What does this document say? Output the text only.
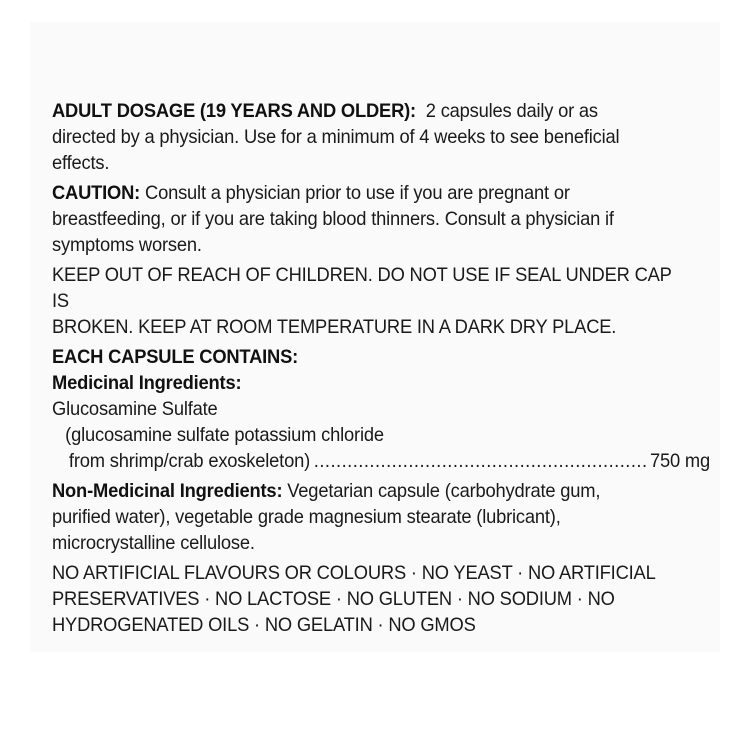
ADULT DOSAGE (19 YEARS AND OLDER): 2 capsules daily or as
directed by a physician. Use for a minimum of 4 weeks to see beneficial
effects.

CAUTION: Consult a physician prior to use if you are pregnant or
breastfeeding, or if you are taking blood thinners. Consult a physician if
symptoms worsen.

KEEP OUT OF REACH OF CHILDREN. DO NOT USE IF SEAL UNDER CAP IS
BROKEN. KEEP AT ROOM TEMPERATURE IN A DARK DRY PLACE.

EACH CAPSULE CONTAINS:
Medicinal Ingredients:
Glucosamine Sulfate
(glucosamine sulfate potassium chloride

from shrimp/crab exoskeleton)
.....	750 mg

Non-Medicinal Ingredients: Vegetarian capsule (carbohydrate gum,
purified water), vegetable grade magnesium stearate (lubricant),
microcrystalline cellulose.

NO ARTIFICIAL FLAVOURS OR COLOURS · NO YEAST · NO ARTIFICIAL
PRESERVATIVES · NO LACTOSE · NO GLUTEN · NO SODIUM · NO
HYDROGENATED OILS · NO GELATIN · NO GMOS
